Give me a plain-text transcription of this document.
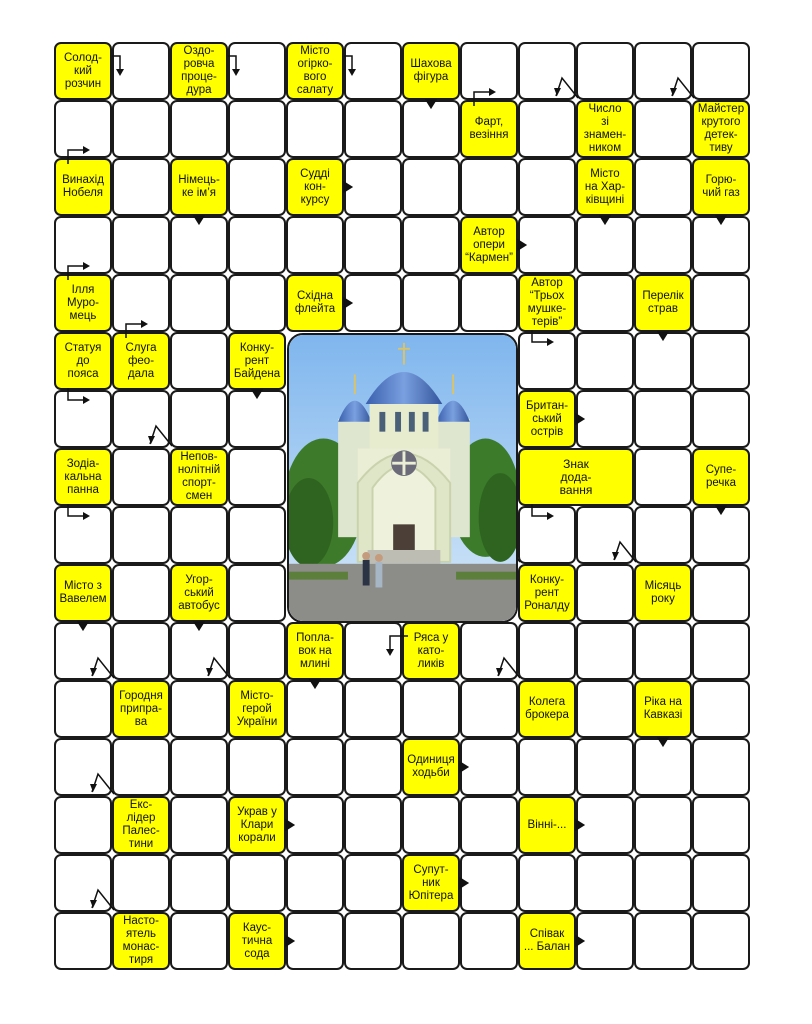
Солод-
кий
розчин
Оздо-
ровча
проце-
дура
Місто
огірко-
вого
салату
Шахова
фігура
Фарт,
везіння
Число
зі
знамен-
ником
Майстер
крутого
детек-
тиву
Винахід
Нобеля
Німець-
ке ім’я
Судді
кон-
курсу
Місто
на Хар-
ківщині
Горю-
чий газ
Автор
опери
“Кармен”
Ілля
Муро-
мець
Східна
флейта
Автор
“Трьох
мушке-
терів”
Перелік
страв
Статуя
до
пояса
Слуга
фео-
дала
Конку-
рент
Байдена
Британ-
ський
острів
Зодіа-
кальна
панна
Непов-
нолітній
спорт-
смен
Знак
дода-
вання
Супе-
речка
Місто з
Вавелем
Угор-
ський
автобус
Конку-
рент
Роналду
Місяць
року
Попла-
вок на
млині
Ряса у
като-
ликів
Городня
припра-
ва
Місто-
герой
України
Колега
брокера
Ріка на
Кавказі
Одиниця
ходьби
Екс-
лідер
Палес-
тини
Укрaв у
Клари
корали
Вінні-...
Супут-
ник
Юпітера
Насто-
ятель
монас-
тиря
Каус-
тична
сода
Співак
... Балан
